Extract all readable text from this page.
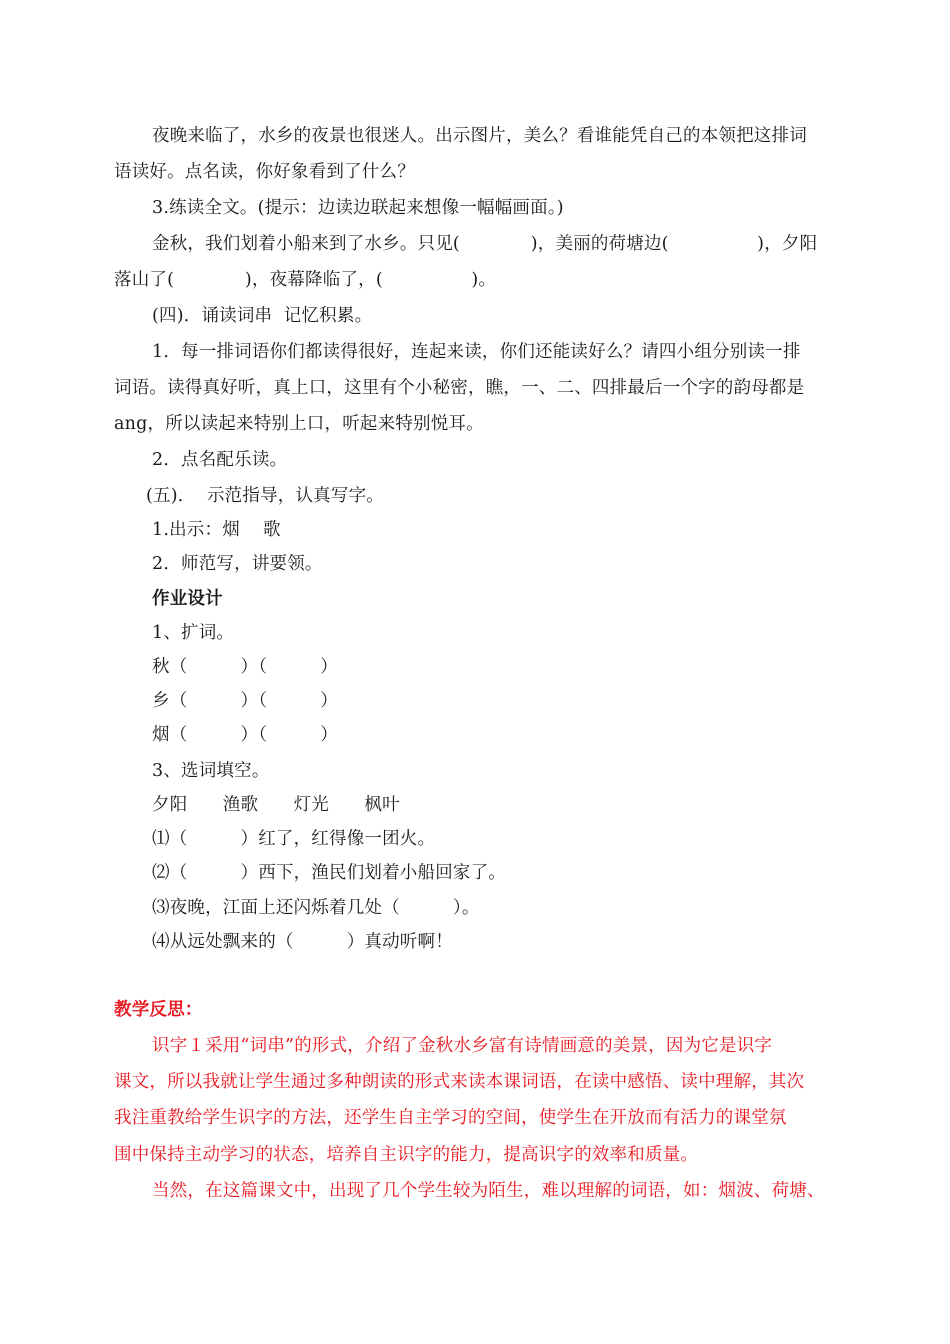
夜晚来临了，水乡的夜景也很迷人。出示图片，美么？看谁能凭自己的本领把这排词
语读好。点名读，你好象看到了什么？
3.练读全文。(提示：边读边联起来想像一幅幅画面。)
金秋，我们划着小船来到了水乡。只见(　　　　)，美丽的荷塘边(　　　　　)，夕阳
落山了(　　　　)，夜幕降临了，(　　　　　)。
(四)．诵读词串  记忆积累。
1．每一排词语你们都读得很好，连起来读，你们还能读好么？请四小组分别读一排
词语。读得真好听，真上口，这里有个小秘密，瞧，一、二、四排最后一个字的韵母都是
ang，所以读起来特别上口，听起来特别悦耳。
2．点名配乐读。
(五)．  示范指导，认真写字。
1.出示：烟    歌
2．师范写，讲要领。
作业设计
1、扩词。
秋（　　　）（　　　）
乡（　　　）（　　　）
烟（　　　）（　　　）
3、选词填空。
夕阳　　渔歌　　灯光　　枫叶
⑴（　　　）红了，红得像一团火。
⑵（　　　）西下，渔民们划着小船回家了。
⑶夜晚，江面上还闪烁着几处（　　　）。
⑷从远处飘来的（　　　）真动听啊！
教学反思：
识字１采用“词串”的形式，介绍了金秋水乡富有诗情画意的美景，因为它是识字
课文，所以我就让学生通过多种朗读的形式来读本课词语，在读中感悟、读中理解，其次
我注重教给学生识字的方法，还学生自主学习的空间，使学生在开放而有活力的课堂氛
围中保持主动学习的状态，培养自主识字的能力，提高识字的效率和质量。
当然，在这篇课文中，出现了几个学生较为陌生，难以理解的词语，如：烟波、荷塘、
